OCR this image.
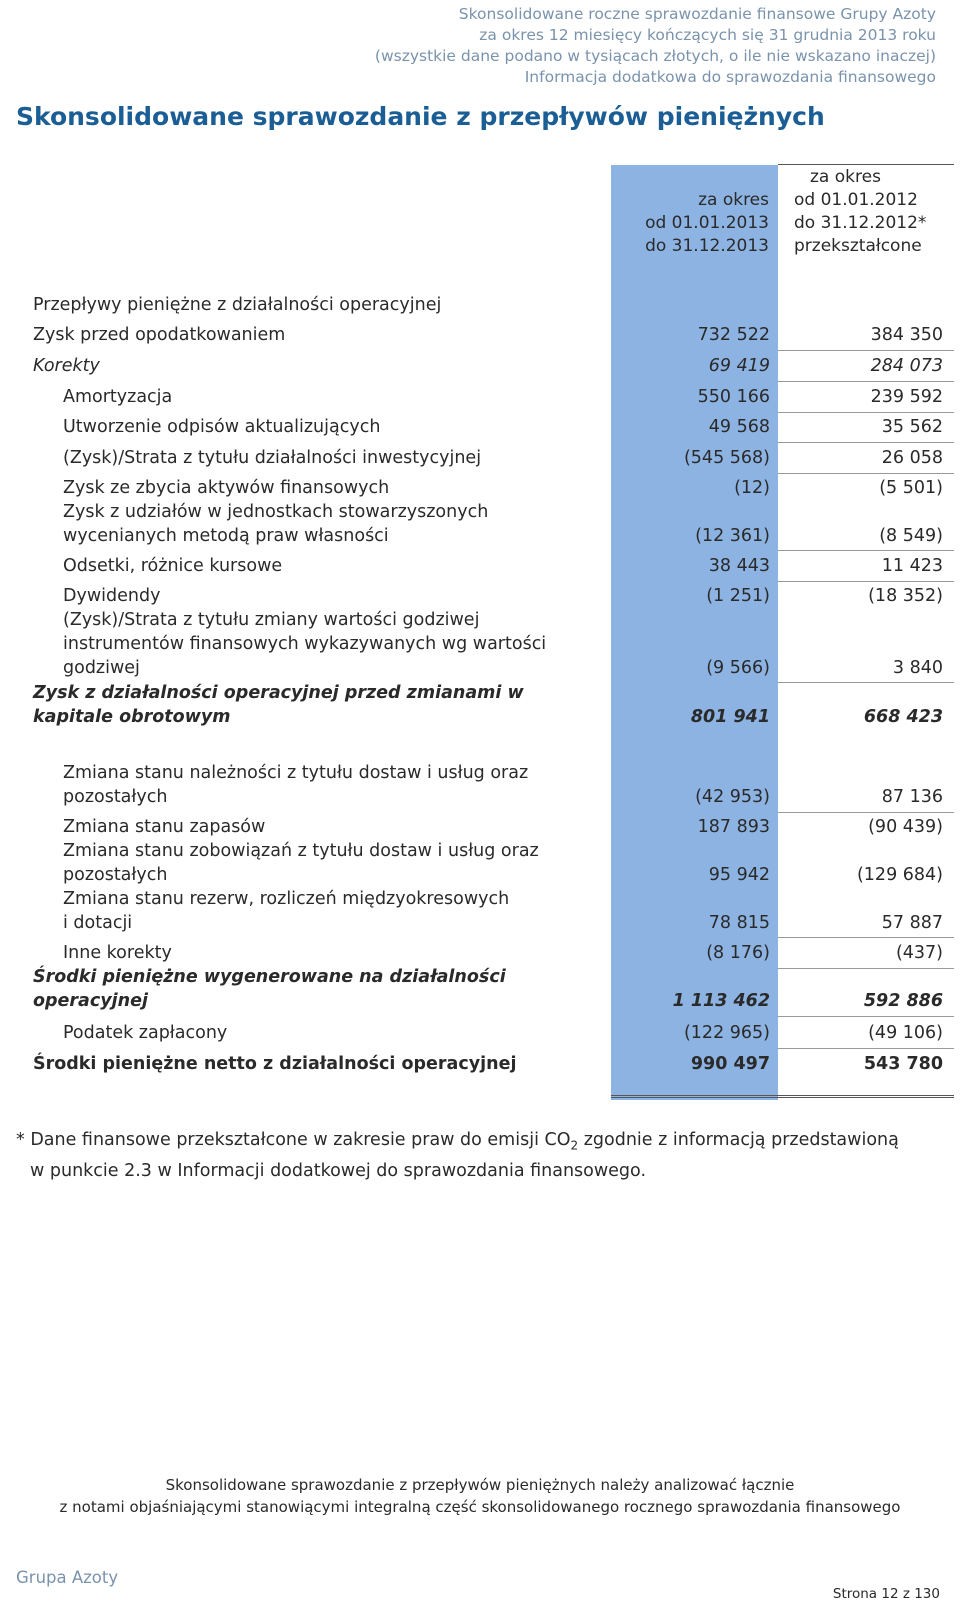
Skonsolidowane roczne sprawozdanie finansowe Grupy Azoty
za okres 12 miesięcy kończących się 31 grudnia 2013 roku
(wszystkie dane podano w tysiącach złotych, o ile nie wskazano inaczej)
Informacja dodatkowa do sprawozdania finansowego
Skonsolidowane sprawozdanie z przepływów pieniężnych
za okres
od 01.01.2013
do 31.12.2013
za okres
od 01.01.2012
do 31.12.2012*
przekształcone
Przepływy pieniężne z działalności operacyjnej
Zysk przed opodatkowaniem	732 522	384 350
Korekty	69 419	284 073
Amortyzacja	550 166	239 592
Utworzenie odpisów aktualizujących	49 568	35 562
(Zysk)/Strata z tytułu działalności inwestycyjnej	(545 568)	26 058
Zysk ze zbycia aktywów finansowych	(12)	(5 501)
Zysk z udziałów w jednostkach stowarzyszonych
wycenianych metodą praw własności	(12 361)	(8 549)
Odsetki, różnice kursowe	38 443	11 423
Dywidendy	(1 251)	(18 352)
(Zysk)/Strata z tytułu zmiany wartości godziwej
instrumentów finansowych wykazywanych wg wartości
godziwej	(9 566)	3 840
Zysk z działalności operacyjnej przed zmianami w
kapitale obrotowym	801 941	668 423
Zmiana stanu należności z tytułu dostaw i usług oraz
pozostałych	(42 953)	87 136
Zmiana stanu zapasów	187 893	(90 439)
Zmiana stanu zobowiązań z tytułu dostaw i usług oraz
pozostałych	95 942	(129 684)
Zmiana stanu rezerw, rozliczeń międzyokresowych
i dotacji	78 815	57 887
Inne korekty	(8 176)	(437)
Środki pieniężne wygenerowane na działalności
operacyjnej	1 113 462	592 886
Podatek zapłacony	(122 965)	(49 106)
Środki pieniężne netto z działalności operacyjnej	990 497	543 780
* Dane finansowe przekształcone w zakresie praw do emisji $CO_2$ zgodnie z informacją przedstawioną
w punkcie 2.3 w Informacji dodatkowej do sprawozdania finansowego.
Skonsolidowane sprawozdanie z przepływów pieniężnych należy analizować łącznie
z notami objaśniającymi stanowiącymi integralną część skonsolidowanego rocznego sprawozdania finansowego
Grupa Azoty
Strona 12 z 130
